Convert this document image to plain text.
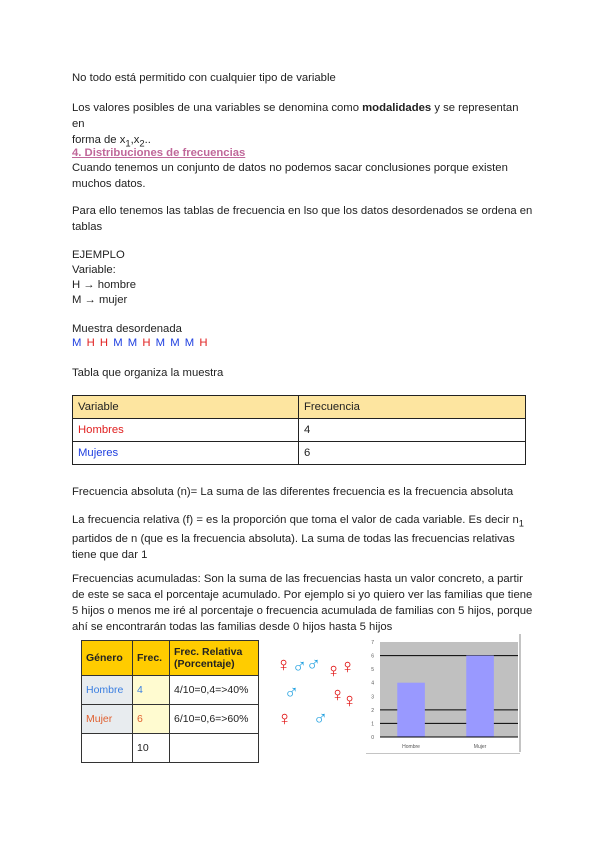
No todo está permitido con cualquier tipo de variable
Los valores posibles de una variables se denomina como modalidades y se representan en
forma de $x_1,x_2$..
4. Distribuciones de frecuencias
Cuando tenemos un conjunto de datos no podemos sacar conclusiones porque existen muchos datos.
Para ello tenemos las tablas de frecuencia en lso que los datos desordenados se ordena en tablas
EJEMPLO
Variable:
H → hombre
M → mujer
Muestra desordenada
M H H M M H M M M H
Tabla que organiza la muestra
Variable	Frecuencia
Hombres	4
Mujeres	6
Frecuencia absoluta (n)= La suma de las diferentes frecuencia es la frecuencia absoluta
La frecuencia relativa (f) = es la proporción que toma el valor de cada variable. Es decir $n_1$ partidos de n (que es la frecuencia absoluta). La suma de todas las frecuencias relativas tiene que dar 1
Frecuencias acumuladas: Son la suma de las frecuencias hasta un valor concreto, a partir de este se saca el porcentaje acumulado. Por ejemplo si yo quiero ver las familias que tiene 5 hijos o menos me iré al porcentaje o frecuencia acumulada de familias con 5 hijos, porque ahí se encontrarán todas las familias desde 0 hijos hasta 5 hijos
Género	Frec.	Frec. Relativa (Porcentaje)
Hombre	4	4/10=0,4=>40%
Mujer	6	6/10=0,6=>60%
	10	
♀ ♂ ♂ ♀ ♀
♂ ♀
♀
♀ ♂
0
1
2
3
4
5
6
7
Hombre	Mujer
